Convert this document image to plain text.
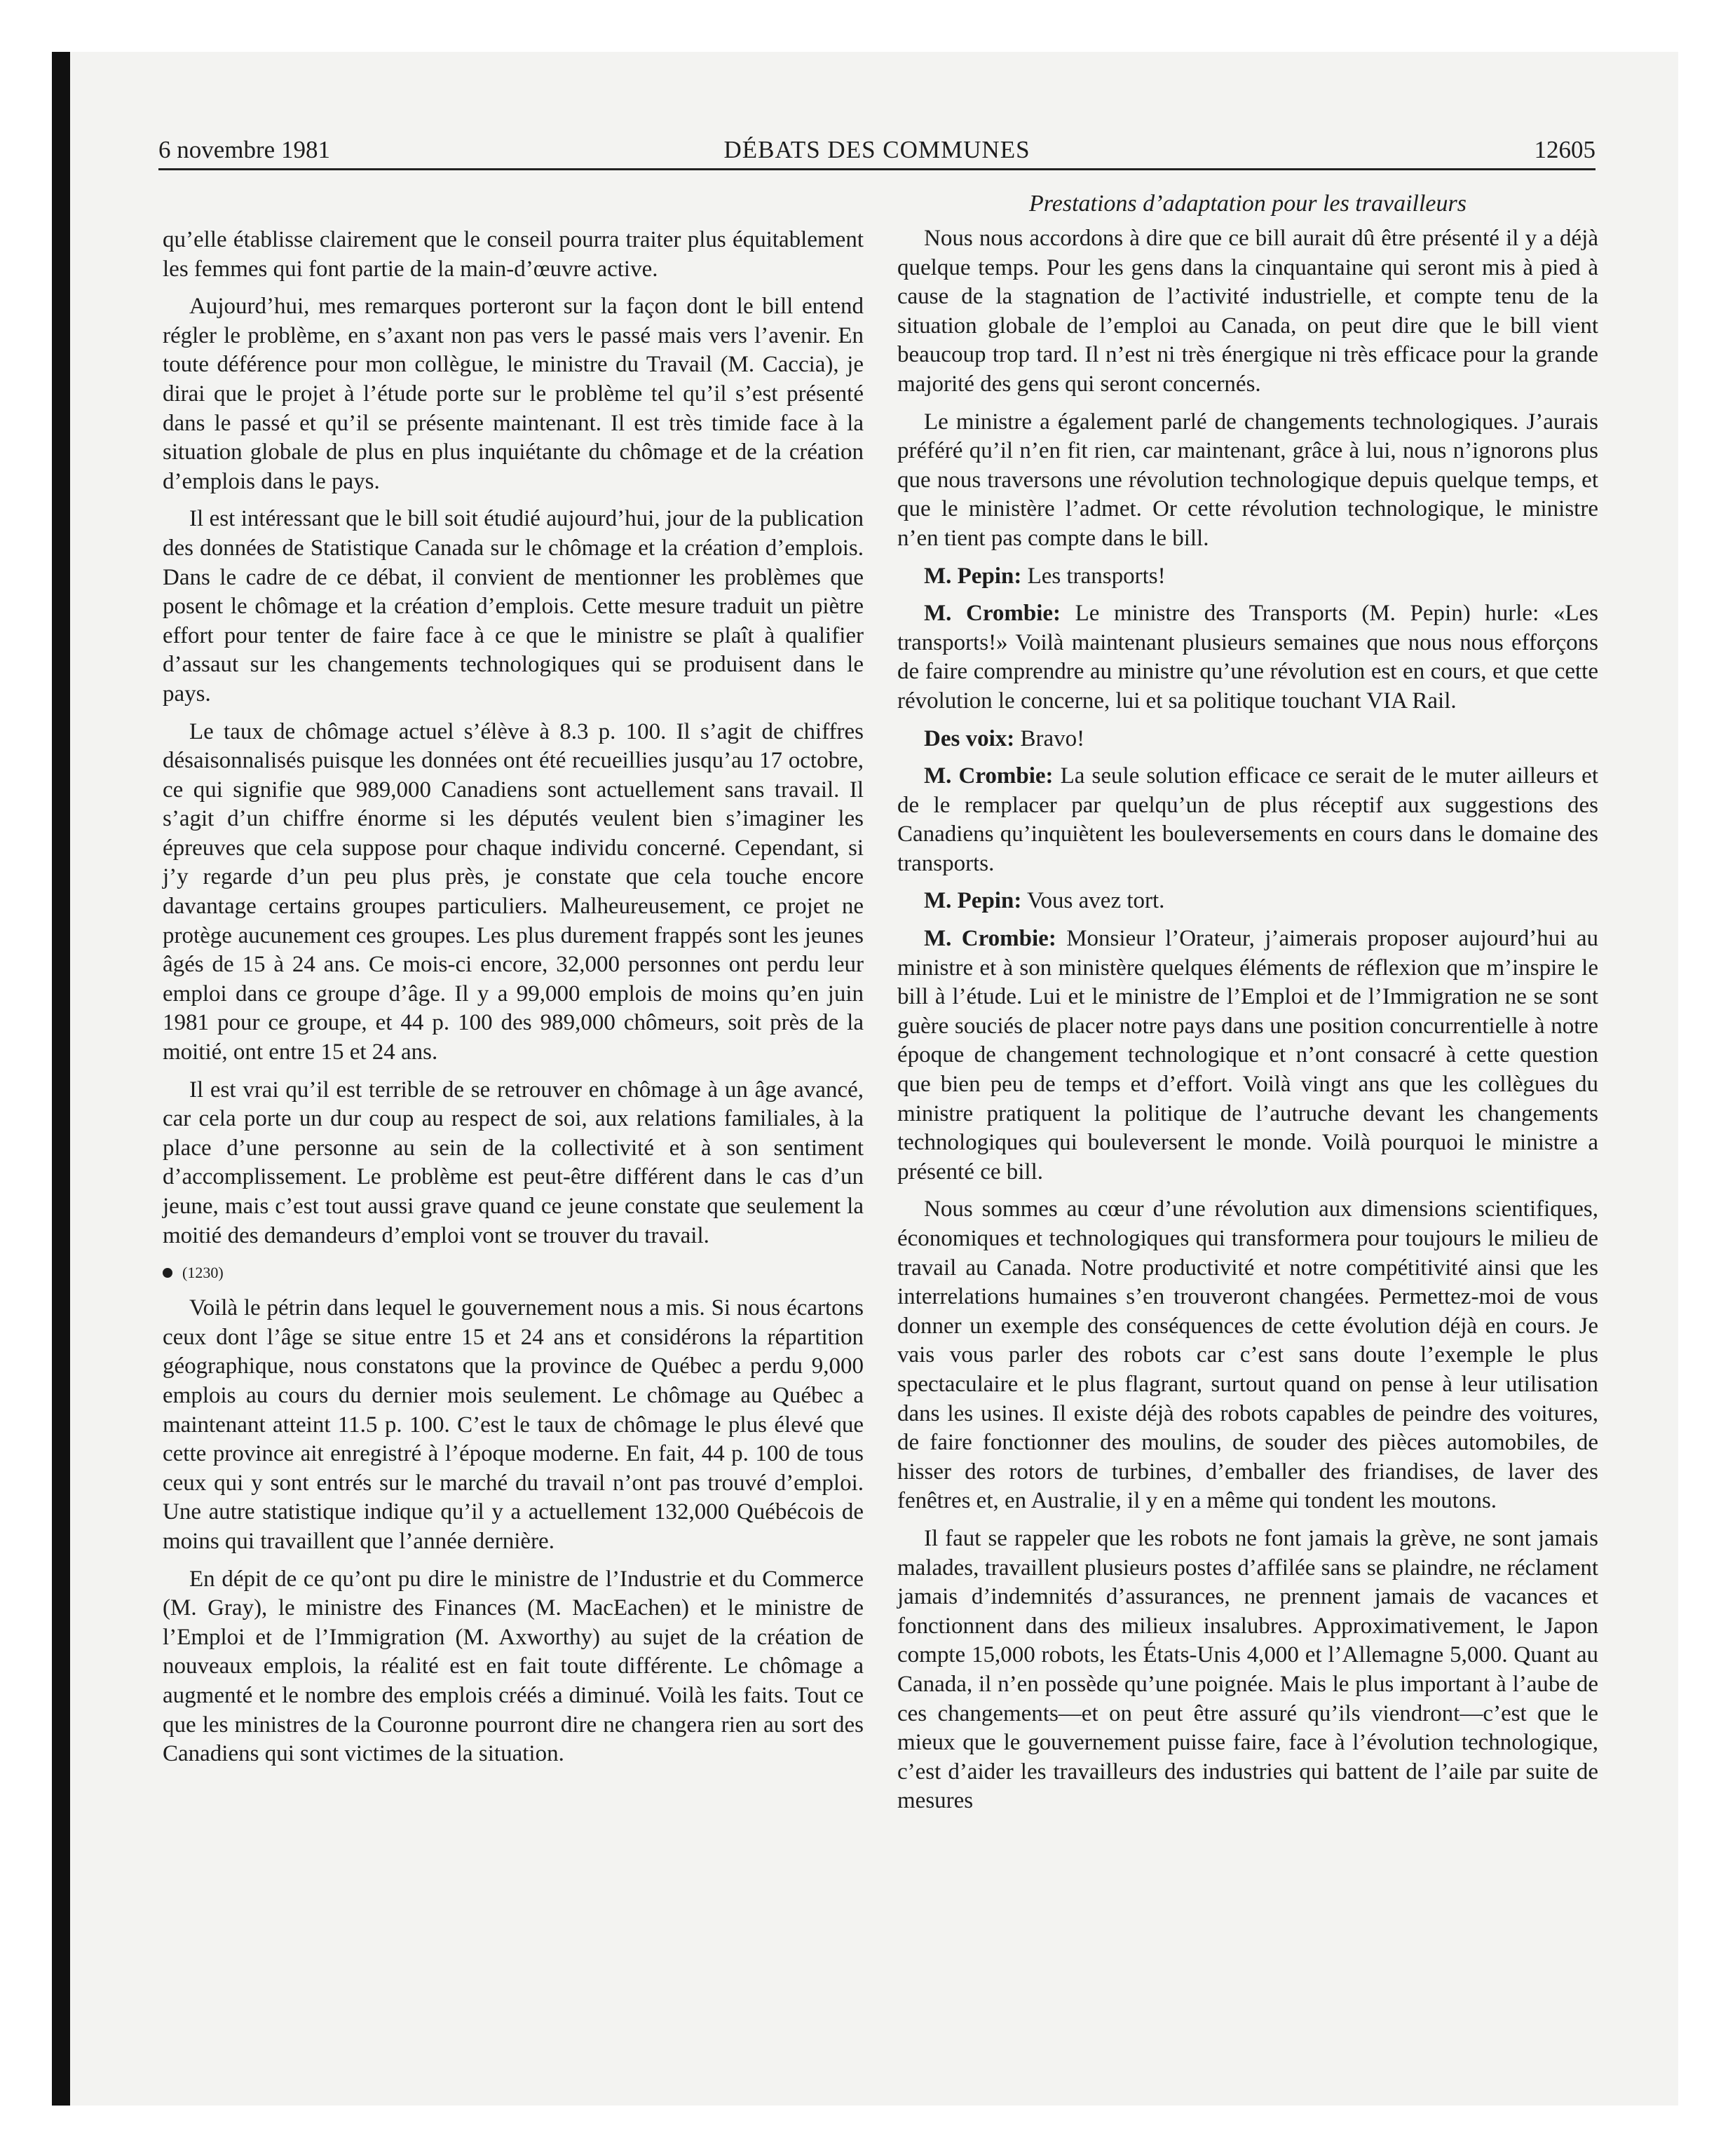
6 novembre 1981	DÉBATS DES COMMUNES	12605

qu’elle établisse clairement que le conseil pourra traiter plus équitablement les femmes qui font partie de la main-d’œuvre active.

Aujourd’hui, mes remarques porteront sur la façon dont le bill entend régler le problème, en s’axant non pas vers le passé mais vers l’avenir. En toute déférence pour mon collègue, le ministre du Travail (M. Caccia), je dirai que le projet à l’étude porte sur le problème tel qu’il s’est présenté dans le passé et qu’il se présente maintenant. Il est très timide face à la situation globale de plus en plus inquiétante du chômage et de la création d’emplois dans le pays.

Il est intéressant que le bill soit étudié aujourd’hui, jour de la publication des données de Statistique Canada sur le chômage et la création d’emplois. Dans le cadre de ce débat, il convient de mentionner les problèmes que posent le chômage et la création d’emplois. Cette mesure traduit un piètre effort pour tenter de faire face à ce que le ministre se plaît à qualifier d’assaut sur les changements technologiques qui se produisent dans le pays.

Le taux de chômage actuel s’élève à 8.3 p. 100. Il s’agit de chiffres désaisonnalisés puisque les données ont été recueillies jusqu’au 17 octobre, ce qui signifie que 989,000 Canadiens sont actuellement sans travail. Il s’agit d’un chiffre énorme si les députés veulent bien s’imaginer les épreuves que cela suppose pour chaque individu concerné. Cependant, si j’y regarde d’un peu plus près, je constate que cela touche encore davantage certains groupes particuliers. Malheureusement, ce projet ne protège aucunement ces groupes. Les plus durement frappés sont les jeunes âgés de 15 à 24 ans. Ce mois-ci encore, 32,000 personnes ont perdu leur emploi dans ce groupe d’âge. Il y a 99,000 emplois de moins qu’en juin 1981 pour ce groupe, et 44 p. 100 des 989,000 chômeurs, soit près de la moitié, ont entre 15 et 24 ans.

Il est vrai qu’il est terrible de se retrouver en chômage à un âge avancé, car cela porte un dur coup au respect de soi, aux relations familiales, à la place d’une personne au sein de la collectivité et à son sentiment d’accomplissement. Le problème est peut-être différent dans le cas d’un jeune, mais c’est tout aussi grave quand ce jeune constate que seulement la moitié des demandeurs d’emploi vont se trouver du travail.

(1230)

Voilà le pétrin dans lequel le gouvernement nous a mis. Si nous écartons ceux dont l’âge se situe entre 15 et 24 ans et considérons la répartition géographique, nous constatons que la province de Québec a perdu 9,000 emplois au cours du dernier mois seulement. Le chômage au Québec a maintenant atteint 11.5 p. 100. C’est le taux de chômage le plus élevé que cette province ait enregistré à l’époque moderne. En fait, 44 p. 100 de tous ceux qui y sont entrés sur le marché du travail n’ont pas trouvé d’emploi. Une autre statistique indique qu’il y a actuellement 132,000 Québécois de moins qui travaillent que l’année dernière.

En dépit de ce qu’ont pu dire le ministre de l’Industrie et du Commerce (M. Gray), le ministre des Finances (M. MacEachen) et le ministre de l’Emploi et de l’Immigration (M. Axworthy) au sujet de la création de nouveaux emplois, la réalité est en fait toute différente. Le chômage a augmenté et le nombre des emplois créés a diminué. Voilà les faits. Tout ce que les ministres de la Couronne pourront dire ne changera rien au sort des Canadiens qui sont victimes de la situation.

Prestations d’adaptation pour les travailleurs

Nous nous accordons à dire que ce bill aurait dû être présenté il y a déjà quelque temps. Pour les gens dans la cinquantaine qui seront mis à pied à cause de la stagnation de l’activité industrielle, et compte tenu de la situation globale de l’emploi au Canada, on peut dire que le bill vient beaucoup trop tard. Il n’est ni très énergique ni très efficace pour la grande majorité des gens qui seront concernés.

Le ministre a également parlé de changements technologiques. J’aurais préféré qu’il n’en fit rien, car maintenant, grâce à lui, nous n’ignorons plus que nous traversons une révolution technologique depuis quelque temps, et que le ministère l’admet. Or cette révolution technologique, le ministre n’en tient pas compte dans le bill.

M. Pepin: Les transports!

M. Crombie: Le ministre des Transports (M. Pepin) hurle: «Les transports!» Voilà maintenant plusieurs semaines que nous nous efforçons de faire comprendre au ministre qu’une révolution est en cours, et que cette révolution le concerne, lui et sa politique touchant VIA Rail.

Des voix: Bravo!

M. Crombie: La seule solution efficace ce serait de le muter ailleurs et de le remplacer par quelqu’un de plus réceptif aux suggestions des Canadiens qu’inquiètent les bouleversements en cours dans le domaine des transports.

M. Pepin: Vous avez tort.

M. Crombie: Monsieur l’Orateur, j’aimerais proposer aujourd’hui au ministre et à son ministère quelques éléments de réflexion que m’inspire le bill à l’étude. Lui et le ministre de l’Emploi et de l’Immigration ne se sont guère souciés de placer notre pays dans une position concurrentielle à notre époque de changement technologique et n’ont consacré à cette question que bien peu de temps et d’effort. Voilà vingt ans que les collègues du ministre pratiquent la politique de l’autruche devant les changements technologiques qui bouleversent le monde. Voilà pourquoi le ministre a présenté ce bill.

Nous sommes au cœur d’une révolution aux dimensions scientifiques, économiques et technologiques qui transformera pour toujours le milieu de travail au Canada. Notre productivité et notre compétitivité ainsi que les interrelations humaines s’en trouveront changées. Permettez-moi de vous donner un exemple des conséquences de cette évolution déjà en cours. Je vais vous parler des robots car c’est sans doute l’exemple le plus spectaculaire et le plus flagrant, surtout quand on pense à leur utilisation dans les usines. Il existe déjà des robots capables de peindre des voitures, de faire fonctionner des moulins, de souder des pièces automobiles, de hisser des rotors de turbines, d’emballer des friandises, de laver des fenêtres et, en Australie, il y en a même qui tondent les moutons.

Il faut se rappeler que les robots ne font jamais la grève, ne sont jamais malades, travaillent plusieurs postes d’affilée sans se plaindre, ne réclament jamais d’indemnités d’assurances, ne prennent jamais de vacances et fonctionnent dans des milieux insalubres. Approximativement, le Japon compte 15,000 robots, les États-Unis 4,000 et l’Allemagne 5,000. Quant au Canada, il n’en possède qu’une poignée. Mais le plus important à l’aube de ces changements—et on peut être assuré qu’ils viendront—c’est que le mieux que le gouvernement puisse faire, face à l’évolution technologique, c’est d’aider les travailleurs des industries qui battent de l’aile par suite de mesures
